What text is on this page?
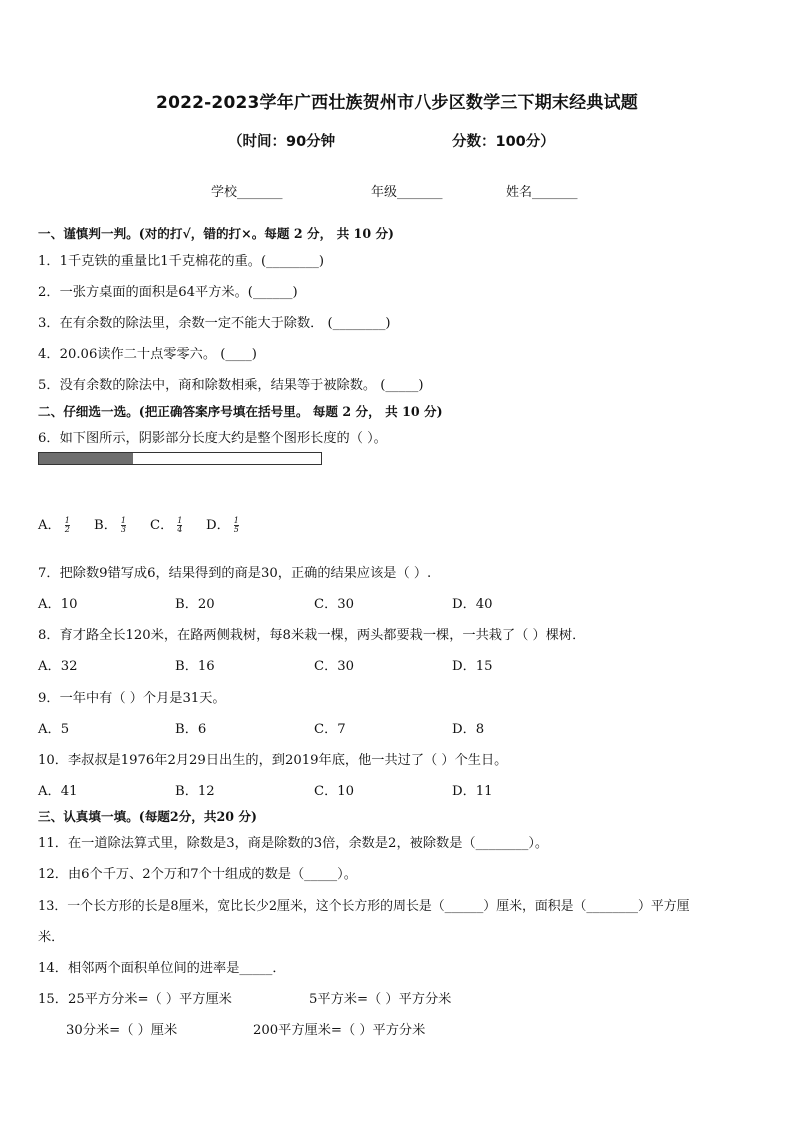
2022-2023学年广西壮族贺州市八步区数学三下期末经典试题
（时间：90分钟	分数：100分）
学校_______	年级_______	姓名_______
一、谨慎判一判。(对的打√，错的打×。每题 2 分， 共 10 分)
1．1千克铁的重量比1千克棉花的重。(________)
2．一张方桌面的面积是64平方米。(______)
3．在有余数的除法里，余数一定不能大于除数． (________)
4．20.06读作二十点零零六。 (____)
5．没有余数的除法中，商和除数相乘，结果等于被除数。 (_____)
二、仔细选一选。(把正确答案序号填在括号里。 每题 2 分， 共 10 分)
6．如下图所示，阴影部分长度大约是整个图形长度的（ ）。
A． $\frac{1}{2}$ B． $\frac{1}{3}$ C． $\frac{1}{4}$ D． $\frac{1}{5}$
7．把除数9错写成6，结果得到的商是30，正确的结果应该是（ ）.
A．10	B．20	C．30	D．40
8．育才路全长120米，在路两侧栽树，每8米栽一棵，两头都要栽一棵，一共栽了（ ）棵树．
A．32	B．16	C．30	D．15
9．一年中有（ ）个月是31天。
A．5	B．6	C．7	D．8
10．李叔叔是1976年2月29日出生的，到2019年底，他一共过了（ ）个生日。
A．41	B．12	C．10	D．11
三、认真填一填。(每题2分，共20 分)
11．在一道除法算式里，除数是3，商是除数的3倍，余数是2，被除数是（________）。
12．由6个千万、2个万和7个十组成的数是（_____）。
13．一个长方形的长是8厘米，宽比长少2厘米，这个长方形的周长是（______）厘米，面积是（________）平方厘
米．
14．相邻两个面积单位间的进率是_____．
15．25平方分米=（ ）平方厘米	5平方米=（ ）平方分米
30分米=（ ）厘米	200平方厘米=（ ）平方分米
